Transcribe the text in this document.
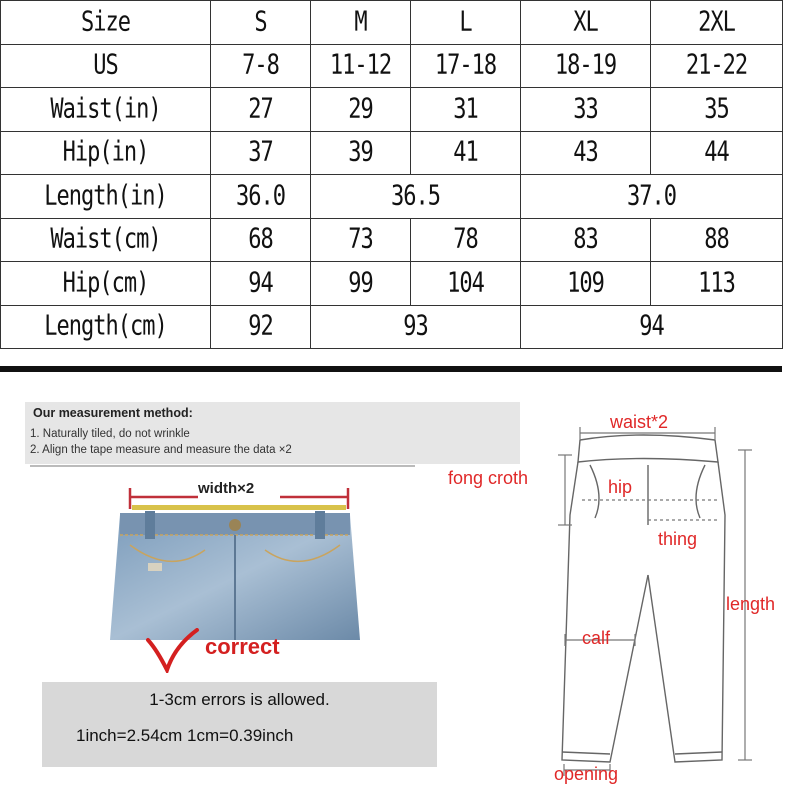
Size	S	M	L	XL	2XL
US	7-8	11-12	17-18	18-19	21-22
Waist(in)	27	29	31	33	35
Hip(in)	37	39	41	43	44
Length(in)	36.0	36.5		37.0	
Waist(cm)	68	73	78	83	88
Hip(cm)	94	99	104	109	113
Length(cm)	92	93		94	
Our measurement method:
1. Naturally tiled, do not wrinkle
2. Align the tape measure and measure the data ×2
width×2
correct
1-3cm errors is allowed.
1inch=2.54cm 1cm=0.39inch
waist*2
fong croth	hip
thing
length
calf
opening
